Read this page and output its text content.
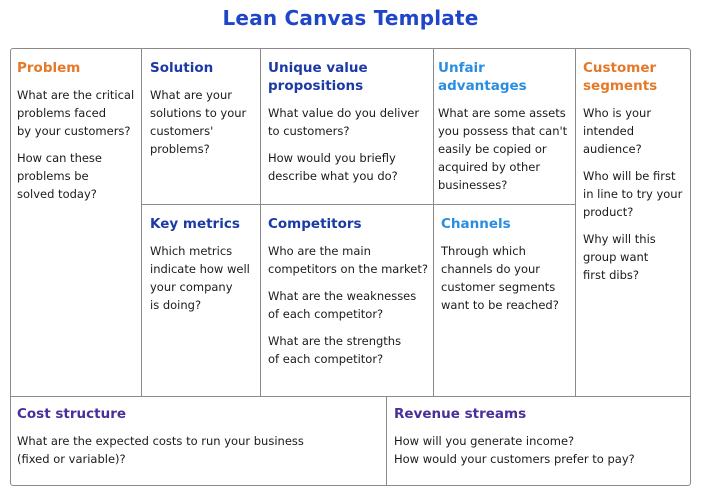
Lean Canvas Template
Problem
What are the critical
problems faced
by your customers?
How can these
problems be
solved today?
Solution
What are your
solutions to your
customers'
problems?
Unique value
propositions
What value do you deliver
to customers?
How would you briefly
describe what you do?
Unfair
advantages
What are some assets
you possess that can't
easily be copied or
acquired by other
businesses?
Customer
segments
Who is your
intended
audience?
Who will be first
in line to try your
product?
Why will this
group want
first dibs?
Key metrics
Which metrics
indicate how well
your company
is doing?
Competitors
Who are the main
competitors on the market?
What are the weaknesses
of each competitor?
What are the strengths
of each competitor?
Channels
Through which
channels do your
customer segments
want to be reached?
Cost structure
What are the expected costs to run your business
(fixed or variable)?
Revenue streams
How will you generate income?
How would your customers prefer to pay?
